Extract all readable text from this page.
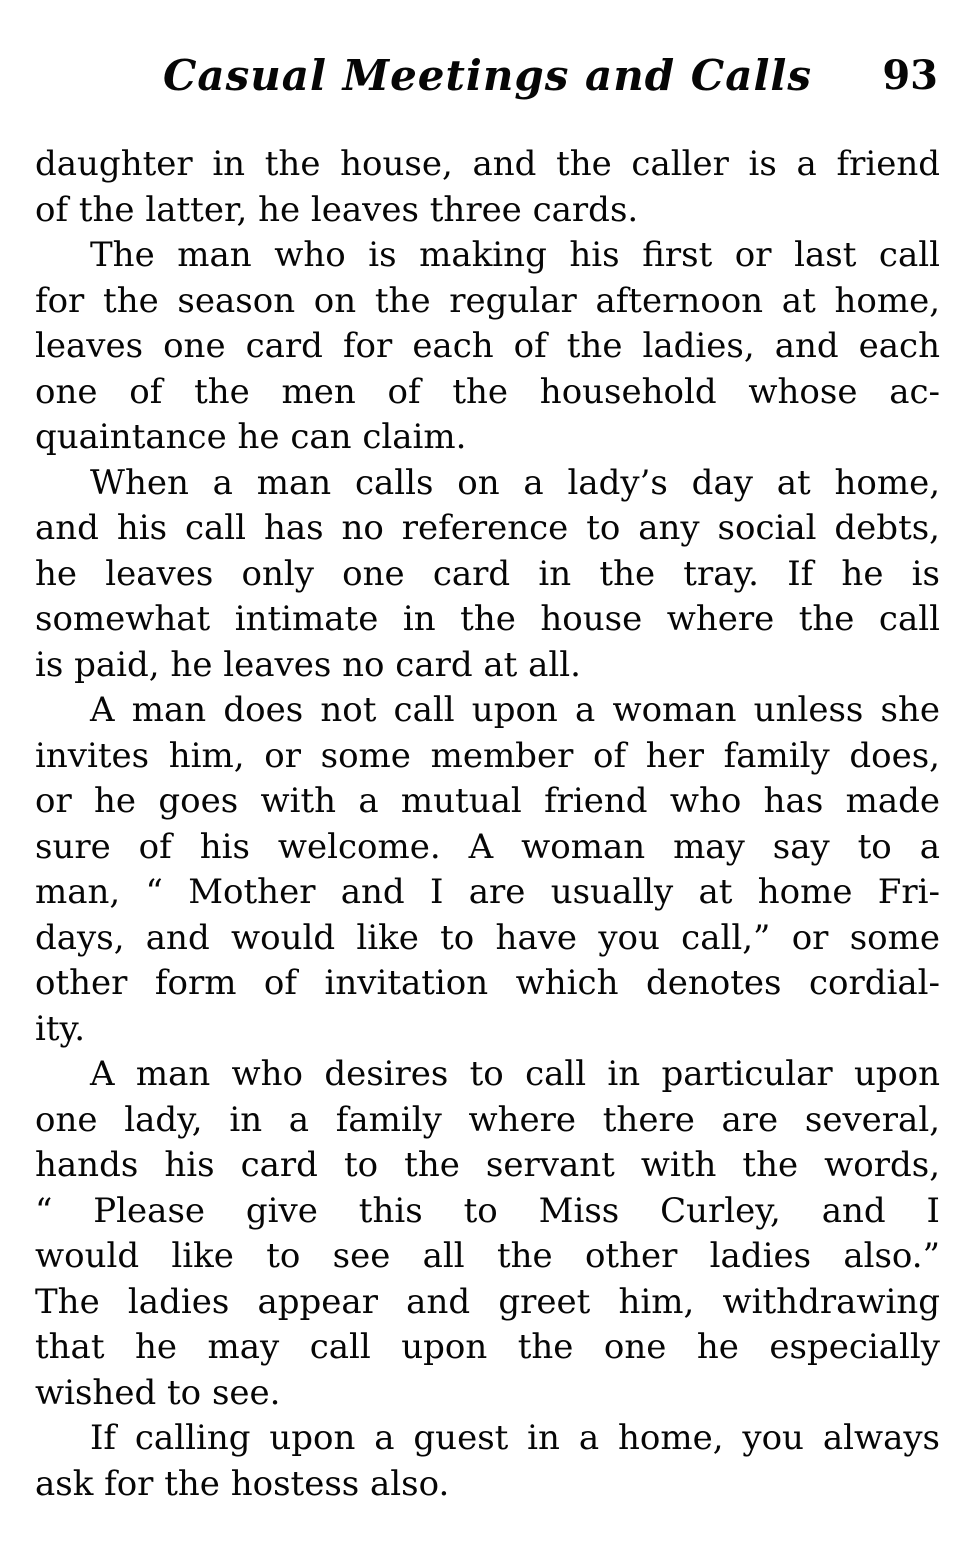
Casual Meetings and Calls	93
daughter in the house, and the caller is a friend
of the latter, he leaves three cards.
The man who is making his first or last call
for the season on the regular afternoon at home,
leaves one card for each of the ladies, and each
one of the men of the household whose ac-
quaintance he can claim.
When a man calls on a lady’s day at home,
and his call has no reference to any social debts,
he leaves only one card in the tray. If he is
somewhat intimate in the house where the call
is paid, he leaves no card at all.
A man does not call upon a woman unless she
invites him, or some member of her family does,
or he goes with a mutual friend who has made
sure of his welcome. A woman may say to a
man, “ Mother and I are usually at home Fri-
days, and would like to have you call,” or some
other form of invitation which denotes cordial-
ity.
A man who desires to call in particular upon
one lady, in a family where there are several,
hands his card to the servant with the words,
“ Please give this to Miss Curley, and I
would like to see all the other ladies also.”
The ladies appear and greet him, withdrawing
that he may call upon the one he especially
wished to see.
If calling upon a guest in a home, you always
ask for the hostess also.
